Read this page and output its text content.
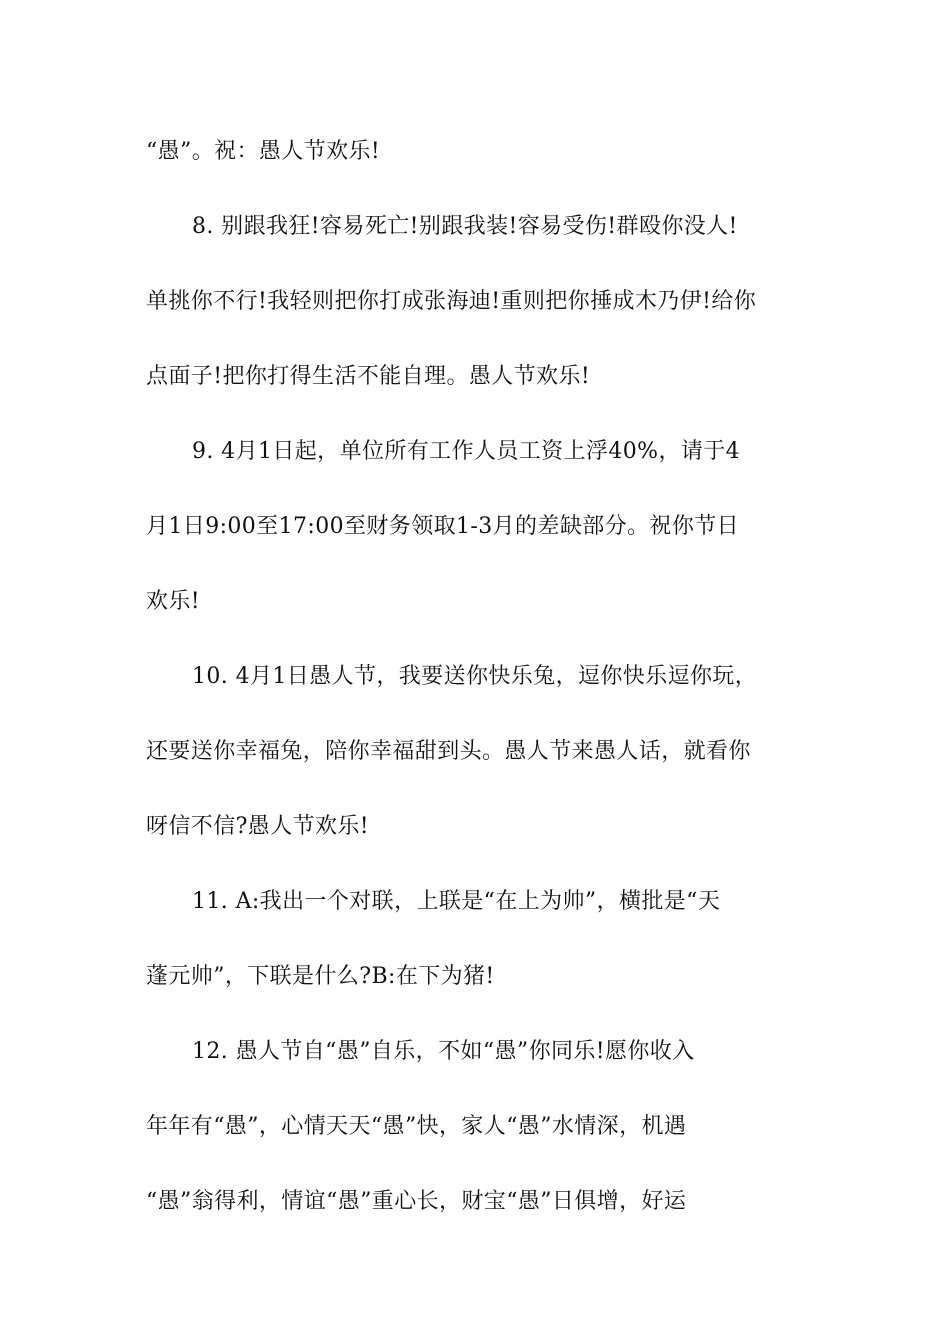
“愚”。祝：愚人节欢乐!
8. 别跟我狂!容易死亡!别跟我装!容易受伤!群殴你没人!
单挑你不行!我轻则把你打成张海迪!重则把你捶成木乃伊!给你
点面子!把你打得生活不能自理。愚人节欢乐!
9. 4月1日起，单位所有工作人员工资上浮40%，请于4
月1日9:00至17:00至财务领取1-3月的差缺部分。祝你节日
欢乐!
10. 4月1日愚人节，我要送你快乐兔，逗你快乐逗你玩，
还要送你幸福兔，陪你幸福甜到头。愚人节来愚人话，就看你
呀信不信?愚人节欢乐!
11. A:我出一个对联，上联是“在上为帅”，横批是“天
蓬元帅”，下联是什么?B:在下为猪!
12. 愚人节自“愚”自乐，不如“愚”你同乐!愿你收入
年年有“愚”，心情天天“愚”快，家人“愚”水情深，机遇
“愚”翁得利，情谊“愚”重心长，财宝“愚”日俱增，好运
